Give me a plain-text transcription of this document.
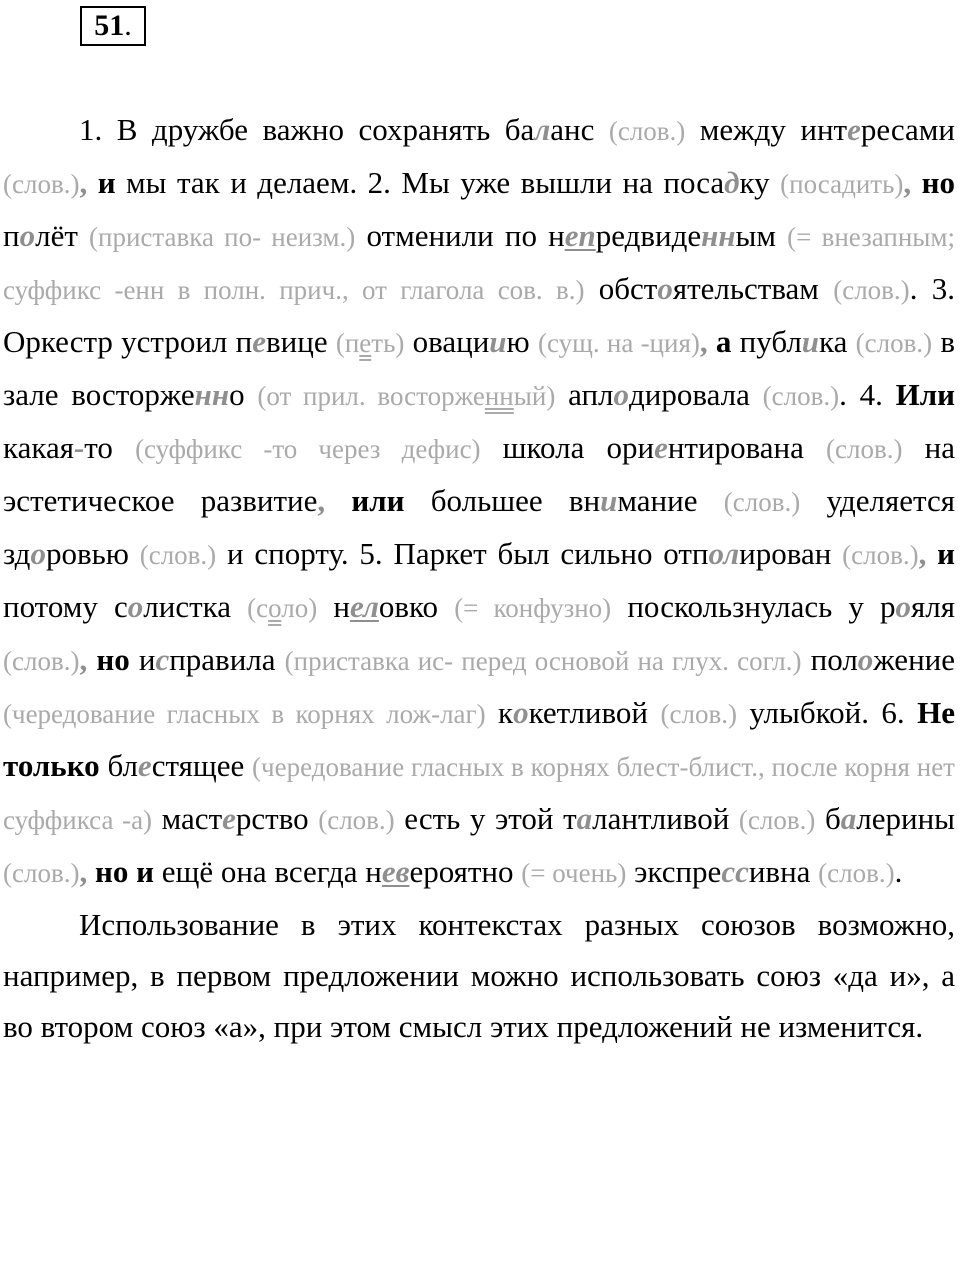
51.

1. В дружбе важно сохранять баланс (слов.) между интересами (слов.), и мы так и делаем. 2. Мы уже вышли на посадку (посадить), но полёт (приставка по- неизм.) отменили по непредвиденным (= внезапным; суффикс -енн в полн. прич., от глагола сов. в.) обстоятельствам (слов.). 3. Оркестр устроил певице (петь) овациию (сущ. на -ция), а публика (слов.) в зале восторженно (от прил. восторженный) аплодировала (слов.). 4. Или какая-то (суффикс -то через дефис) школа ориентирована (слов.) на эстетическое развитие, или большее внимание (слов.) уделяется здоровью (слов.) и спорту. 5. Паркет был сильно отполирован (слов.), и потому солистка (соло) неловко (= конфузно) поскользнулась у рояля (слов.), но исправила (приставка ис- перед основой на глух. согл.) положение (чередование гласных в корнях лож-лаг) кокетливой (слов.) улыбкой. 6. Не только блестящее (чередование гласных в корнях блест-блист., после корня нет суффикса -а) мастерство (слов.) есть у этой талантливой (слов.) балерины (слов.), но и ещё она всегда невероятно (= очень) экспрессивна (слов.).

Использование в этих контекстах разных союзов возможно, например, в первом предложении можно использовать союз «да и», а во втором союз «а», при этом смысл этих предложений не изменится.
